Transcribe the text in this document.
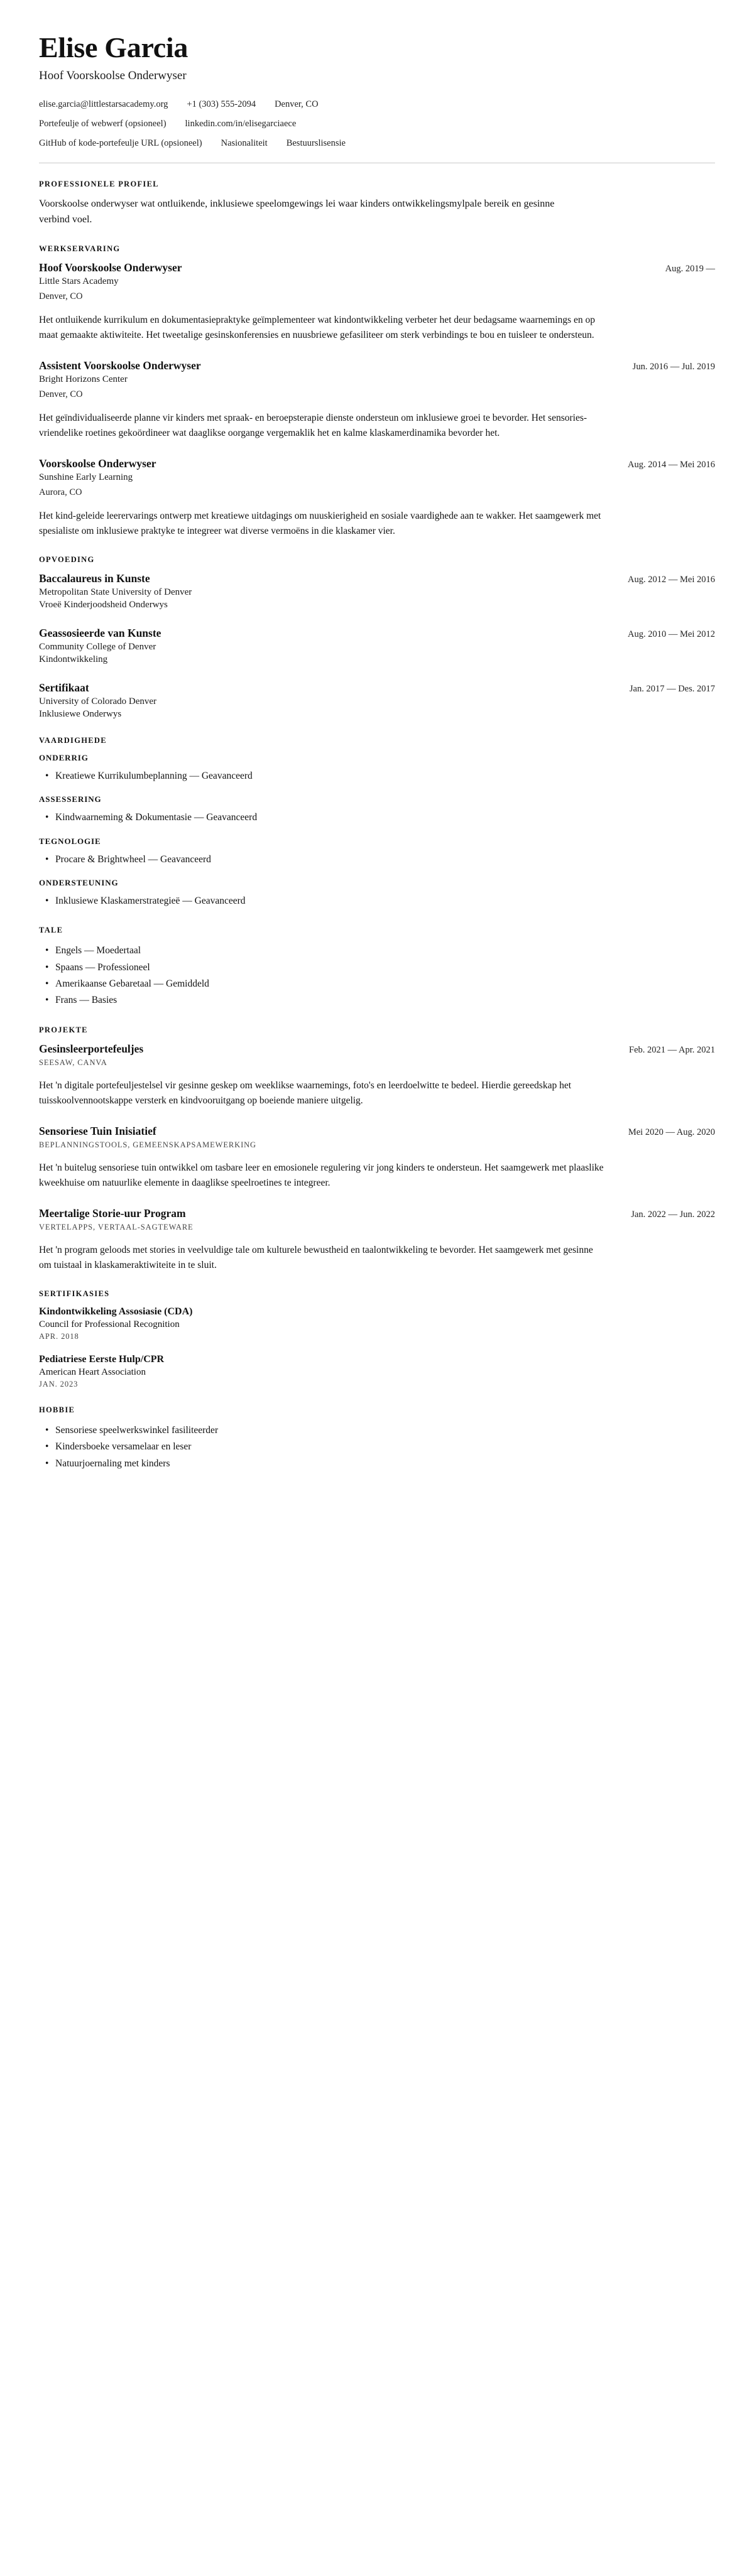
Elise Garcia
Hoof Voorskoolse Onderwyser
elise.garcia@littlestarsacademy.org +1 (303) 555-2094 Denver, CO
Portefeulje of webwerf (opsioneel) linkedin.com/in/elisegarciaece
GitHub of kode-portefeulje URL (opsioneel) Nasionaliteit Bestuurslisensie
PROFESSIONELE PROFIEL

Voorskoolse onderwyser wat ontluikende, inklusiewe speelomgewings lei waar kinders ontwikkelingsmylpale bereik en gesinne verbind voel.

WERKSERVARING
Hoof Voorskoolse Onderwyser	Aug. 2019 —

Little Stars Academy

Denver, CO

Het ontluikende kurrikulum en dokumentasiepraktyke geïmplementeer wat kindontwikkeling verbeter het deur bedagsame waarnemings en op maat gemaakte aktiwiteite. Het tweetalige gesinskonferensies en nuusbriewe gefasiliteer om sterk verbindings te bou en tuisleer te ondersteun.

Assistent Voorskoolse Onderwyser	Jun. 2016 — Jul. 2019

Bright Horizons Center

Denver, CO

Het geïndividualiseerde planne vir kinders met spraak- en beroepsterapie dienste ondersteun om inklusiewe groei te bevorder. Het sensories-vriendelike roetines gekoördineer wat daaglikse oorgange vergemaklik het en kalme klaskamerdinamika bevorder het.

Voorskoolse Onderwyser	Aug. 2014 — Mei 2016

Sunshine Early Learning

Aurora, CO

Het kind-geleide leerervarings ontwerp met kreatiewe uitdagings om nuuskierigheid en sosiale vaardighede aan te wakker. Het saamgewerk met spesialiste om inklusiewe praktyke te integreer wat diverse vermoëns in die klaskamer vier.

OPVOEDING
Baccalaureus in Kunste	Aug. 2012 — Mei 2016

Metropolitan State University of Denver

Vroeë Kinderjoodsheid Onderwys

Geassosieerde van Kunste	Aug. 2010 — Mei 2012

Community College of Denver

Kindontwikkeling

Sertifikaat	Jan. 2017 — Des. 2017

University of Colorado Denver

Inklusiewe Onderwys

VAARDIGHEDE
ONDERRIG
• Kreatiewe Kurrikulumbeplanning — Geavanceerd
ASSESSERING
• Kindwaarneming & Dokumentasie — Geavanceerd
TEGNOLOGIE
• Procare & Brightwheel — Geavanceerd
ONDERSTEUNING
• Inklusiewe Klaskamerstrategieë — Geavanceerd
TALE
• Engels — Moedertaal
• Spaans — Professioneel
• Amerikaanse Gebaretaal — Gemiddeld
• Frans — Basies
PROJEKTE
Gesinsleerportefeuljes	Feb. 2021 — Apr. 2021

SEESAW, CANVA

Het 'n digitale portefeuljestelsel vir gesinne geskep om weeklikse waarnemings, foto's en leerdoelwitte te bedeel. Hierdie gereedskap het tuisskoolvennootskappe versterk en kindvooruitgang op boeiende maniere uitgelig.

Sensoriese Tuin Inisiatief	Mei 2020 — Aug. 2020

BEPLANNINGSTOOLS, GEMEENSKAPSAMEWERKING

Het 'n buitelug sensoriese tuin ontwikkel om tasbare leer en emosionele regulering vir jong kinders te ondersteun. Het saamgewerk met plaaslike kweekhuise om natuurlike elemente in daaglikse speelroetines te integreer.

Meertalige Storie-uur Program	Jan. 2022 — Jun. 2022

VERTELAPPS, VERTAAL-SAGTEWARE

Het 'n program geloods met stories in veelvuldige tale om kulturele bewustheid en taalontwikkeling te bevorder. Het saamgewerk met gesinne om tuistaal in klaskameraktiwiteite in te sluit.

SERTIFIKASIES

Kindontwikkeling Assosiasie (CDA)

Council for Professional Recognition

APR. 2018

Pediatriese Eerste Hulp/CPR

American Heart Association

JAN. 2023

HOBBIE
• Sensoriese speelwerkswinkel fasiliteerder
• Kindersboeke versamelaar en leser
• Natuurjoernaling met kinders
